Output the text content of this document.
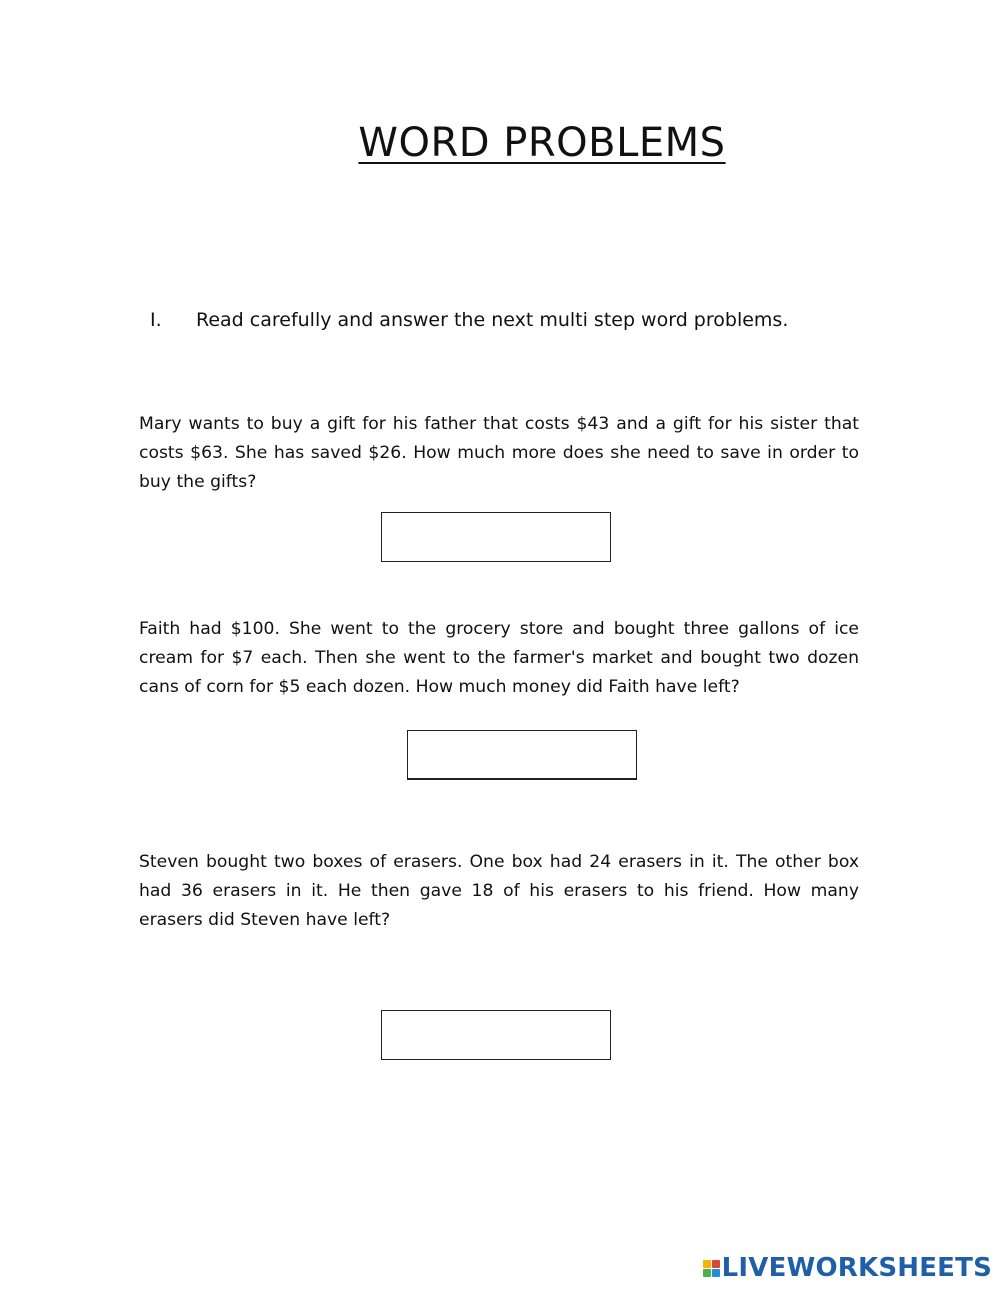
WORD PROBLEMS
I.	Read carefully and answer the next multi step word problems.
Mary wants to buy a gift for his father that costs $43 and a gift for his sister that costs $63. She has saved $26. How much more does she need to save in order to buy the gifts?
Faith had $100. She went to the grocery store and bought three gallons of ice cream for $7 each. Then she went to the farmer's market and bought two dozen cans of corn for $5 each dozen. How much money did Faith have left?
Steven bought two boxes of erasers. One box had 24 erasers in it. The other box had 36 erasers in it. He then gave 18 of his erasers to his friend. How many erasers did Steven have left?
LIVEWORKSHEETS
